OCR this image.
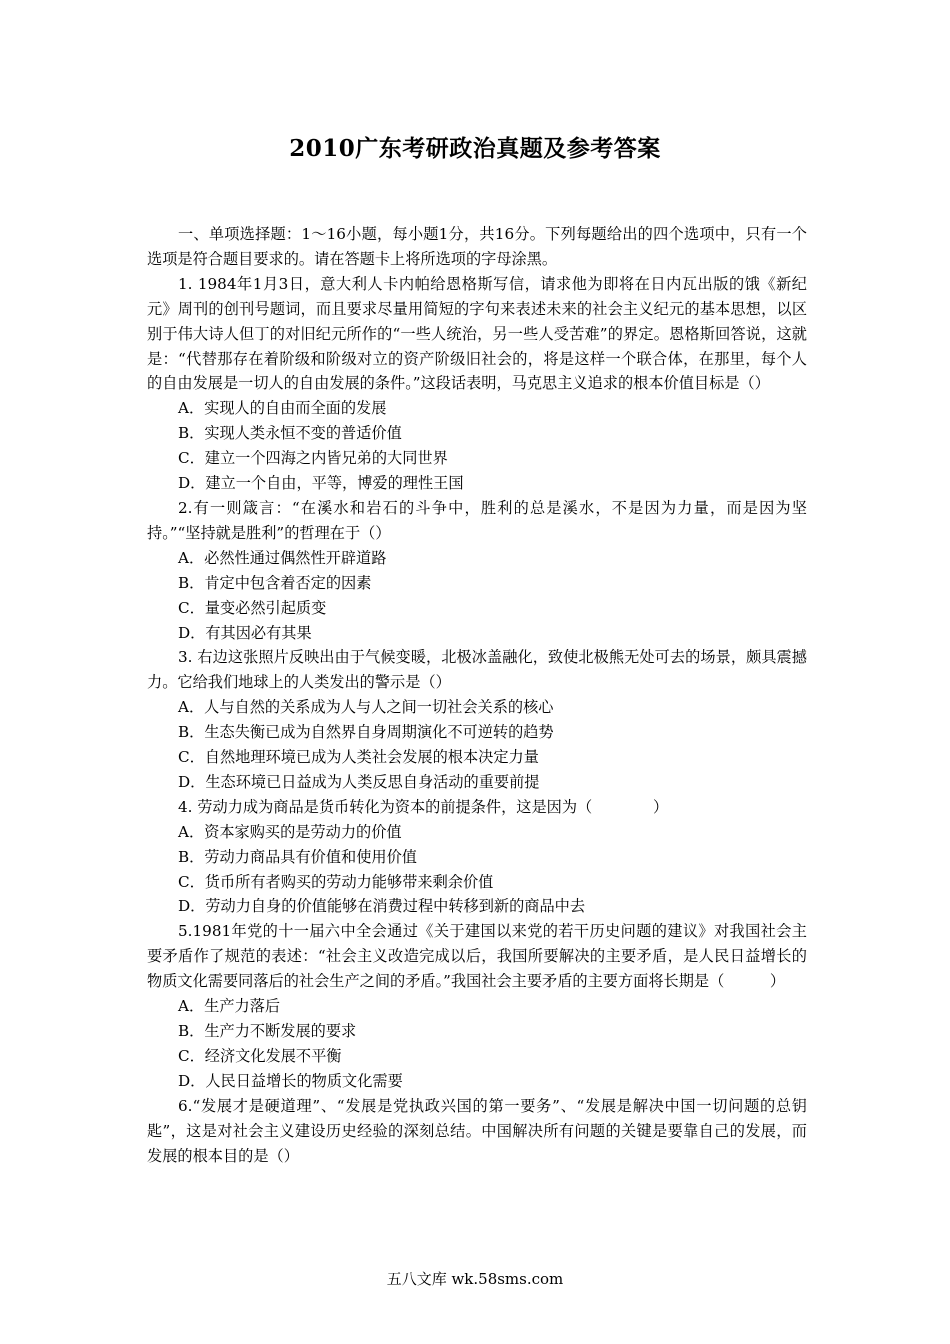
2010广东考研政治真题及参考答案

一、单项选择题：1～16小题，每小题1分，共16分。下列每题给出的四个选项中，只有一个选项是符合题目要求的。请在答题卡上将所选项的字母涂黑。

1. 1984年1月3日，意大利人卡内帕给恩格斯写信，请求他为即将在日内瓦出版的饿《新纪元》周刊的创刊号题词，而且要求尽量用简短的字句来表述未来的社会主义纪元的基本思想，以区别于伟大诗人但丁的对旧纪元所作的“一些人统治，另一些人受苦难”的界定。恩格斯回答说，这就是：“代替那存在着阶级和阶级对立的资产阶级旧社会的，将是这样一个联合体，在那里，每个人的自由发展是一切人的自由发展的条件。”这段话表明，马克思主义追求的根本价值目标是（）

A．实现人的自由而全面的发展

B．实现人类永恒不变的普适价值

C．建立一个四海之内皆兄弟的大同世界

D．建立一个自由，平等，博爱的理性王国

2.有一则箴言：“在溪水和岩石的斗争中，胜利的总是溪水，不是因为力量，而是因为坚持。”“坚持就是胜利”的哲理在于（）

A．必然性通过偶然性开辟道路

B．肯定中包含着否定的因素

C．量变必然引起质变

D．有其因必有其果

3. 右边这张照片反映出由于气候变暖，北极冰盖融化，致使北极熊无处可去的场景，颇具震撼力。它给我们地球上的人类发出的警示是（）

A．人与自然的关系成为人与人之间一切社会关系的核心

B．生态失衡已成为自然界自身周期演化不可逆转的趋势

C．自然地理环境已成为人类社会发展的根本决定力量

D．生态环境已日益成为人类反思自身活动的重要前提

4. 劳动力成为商品是货币转化为资本的前提条件，这是因为（　　　　）

A．资本家购买的是劳动力的价值

B．劳动力商品具有价值和使用价值

C．货币所有者购买的劳动力能够带来剩余价值

D．劳动力自身的价值能够在消费过程中转移到新的商品中去

5.1981年党的十一届六中全会通过《关于建国以来党的若干历史问题的建议》对我国社会主要矛盾作了规范的表述：“社会主义改造完成以后，我国所要解决的主要矛盾，是人民日益增长的物质文化需要同落后的社会生产之间的矛盾。”我国社会主要矛盾的主要方面将长期是（　　　）

A．生产力落后

B．生产力不断发展的要求

C．经济文化发展不平衡

D．人民日益增长的物质文化需要

6.“发展才是硬道理”、“发展是党执政兴国的第一要务”、“发展是解决中国一切问题的总钥匙”，这是对社会主义建设历史经验的深刻总结。中国解决所有问题的关键是要靠自己的发展，而发展的根本目的是（）

五八文库 wk.58sms.com
